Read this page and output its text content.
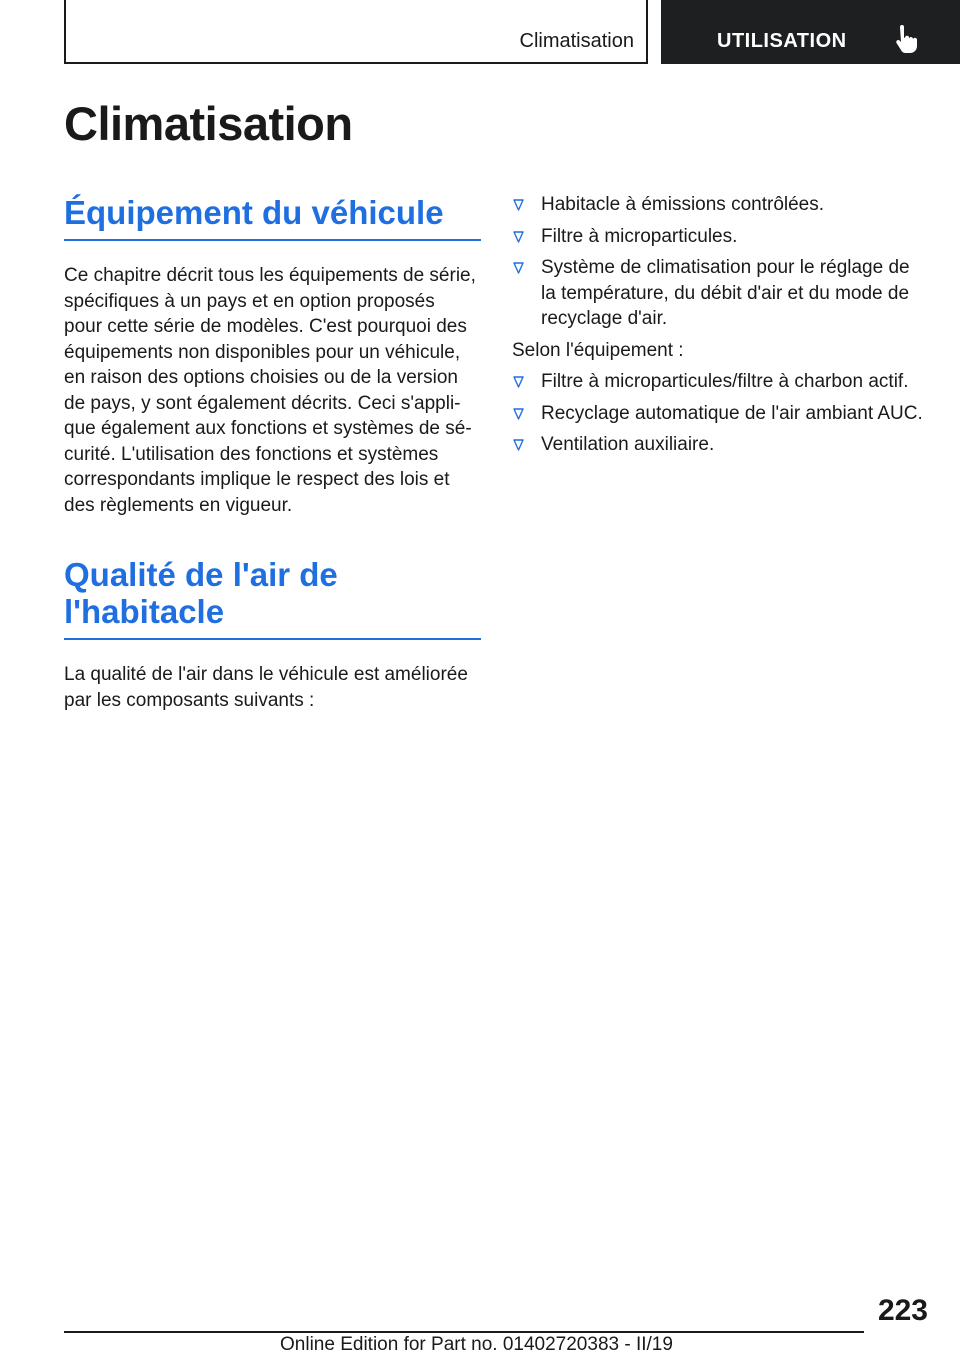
Climatisation	UTILISATION
Climatisation
Équipement du véhicule

Ce chapitre décrit tous les équipements de série,
spécifiques à un pays et en option proposés
pour cette série de modèles. C'est pourquoi des
équipements non disponibles pour un véhicule,
en raison des options choisies ou de la version
de pays, y sont également décrits. Ceci s'appli-
que également aux fonctions et systèmes de sé-
curité. L'utilisation des fonctions et systèmes
correspondants implique le respect des lois et
des règlements en vigueur.

Qualité de l'air de
l'habitacle

La qualité de l'air dans le véhicule est améliorée
par les composants suivants :

Habitacle à émissions contrôlées.
Filtre à microparticules.
Système de climatisation pour le réglage de
la température, du débit d'air et du mode de
recyclage d'air.

Selon l'équipement :

Filtre à microparticules/filtre à charbon actif.
Recyclage automatique de l'air ambiant AUC.
Ventilation auxiliaire.
223
Online Edition for Part no. 01402720383 - II/19
